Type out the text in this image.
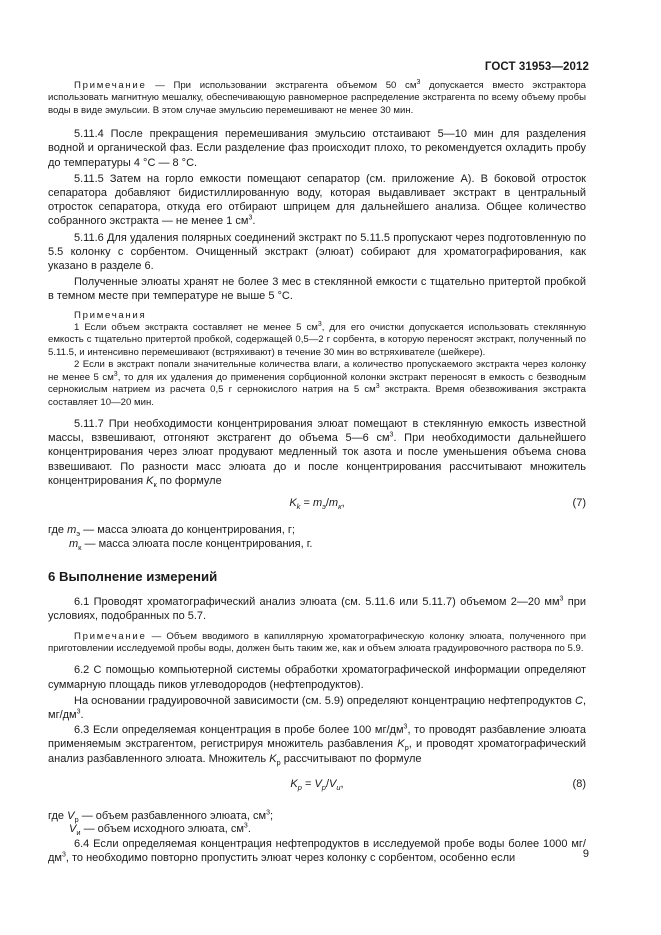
ГОСТ 31953—2012

Примечание — При использовании экстрагента объемом 50 $см^3$ допускается вместо экстрактора использовать магнитную мешалку, обеспечивающую равномерное распределение экстрагента по всему объему пробы воды в виде эмульсии. В этом случае эмульсию перемешивают не менее 30 мин.

5.11.4 После прекращения перемешивания эмульсию отстаивают 5—10 мин для разделения водной и органической фаз. Если разделение фаз происходит плохо, то рекомендуется охладить пробу до температуры 4 °С — 8 °С.

5.11.5 Затем на горло емкости помещают сепаратор (см. приложение А). В боковой отросток сепаратора добавляют бидистиллированную воду, которая выдавливает экстракт в центральный отросток сепаратора, откуда его отбирают шприцем для дальнейшего анализа. Общее количество собранного экстракта — не менее 1 $см^3$.

5.11.6 Для удаления полярных соединений экстракт по 5.11.5 пропускают через подготовленную по 5.5 колонку с сорбентом. Очищенный экстракт (элюат) собирают для хроматографирования, как указано в разделе 6.

Полученные элюаты хранят не более 3 мес в стеклянной емкости с тщательно притертой пробкой в темном месте при температуре не выше 5 °С.

Примечания

1 Если объем экстракта составляет не менее 5 $см^3$, для его очистки допускается использовать стеклянную емкость с тщательно притертой пробкой, содержащей 0,5—2 г сорбента, в которую переносят экстракт, полученный по 5.11.5, и интенсивно перемешивают (встряхивают) в течение 30 мин во встряхивателе (шейкере).

2 Если в экстракт попали значительные количества влаги, а количество пропускаемого экстракта через колонку не менее 5 $см^3$, то для их удаления до применения сорбционной колонки экстракт переносят в емкость с безводным сернокислым натрием из расчета 0,5 г сернокислого натрия на 5 $см^3$ экстракта. Время обезвоживания экстракта составляет 10—20 мин.

5.11.7 При необходимости концентрирования элюат помещают в стеклянную емкость известной массы, взвешивают, отгоняют экстрагент до объема 5—6 $см^3$. При необходимости дальнейшего концентрирования через элюат продувают медленный ток азота и после уменьшения объема снова взвешивают. По разности масс элюата до и после концентрирования рассчитывают множитель концентрирования $K_к$ по формуле

$K_k = m_э/m_к$,	(7)
где $m_э$ — масса элюата до концентрирования, г;
$m_к$ — масса элюата после концентрирования, г.
6 Выполнение измерений

6.1 Проводят хроматографический анализ элюата (см. 5.11.6 или 5.11.7) объемом 2—20 $мм^3$ при условиях, подобранных по 5.7.

Примечание — Объем вводимого в капиллярную хроматографическую колонку элюата, полученного при приготовлении исследуемой пробы воды, должен быть таким же, как и объем элюата градуировочного раствора по 5.9.

6.2 С помощью компьютерной системы обработки хроматографической информации определяют суммарную площадь пиков углеводородов (нефтепродуктов).

На основании градуировочной зависимости (см. 5.9) определяют концентрацию нефтепродуктов С, $мг/дм^3$.

6.3 Если определяемая концентрация в пробе более 100 $мг/дм^3$, то проводят разбавление элюата применяемым экстрагентом, регистрируя множитель разбавления $K_р$, и проводят хроматографический анализ разбавленного элюата. Множитель $K_р$ рассчитывают по формуле

$K_р = V_р/V_и$,	(8)
где $V_р$ — объем разбавленного элюата, $см^3$;
$V_и$ — объем исходного элюата, $см^3$.

6.4 Если определяемая концентрация нефтепродуктов в исследуемой пробе воды более 1000 $мг/дм^3$, то необходимо повторно пропустить элюат через колонку с сорбентом, особенно если	9
